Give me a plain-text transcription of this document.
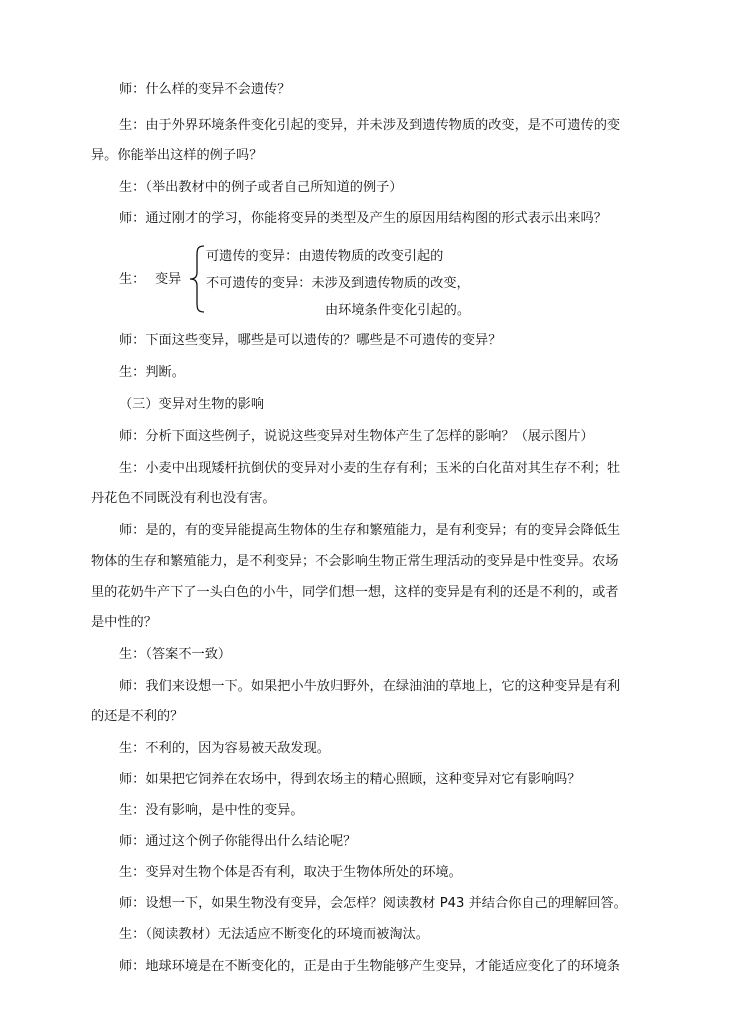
师：什么样的变异不会遗传？
生：由于外界环境条件变化引起的变异，并未涉及到遗传物质的改变，是不可遗传的变
异。你能举出这样的例子吗？
生：（举出教材中的例子或者自己所知道的例子）
师：通过刚才的学习，你能将变异的类型及产生的原因用结构图的形式表示出来吗？
生： 变异
可遗传的变异：由遗传物质的改变引起的
不可遗传的变异：未涉及到遗传物质的改变，
由环境条件变化引起的。
师：下面这些变异，哪些是可以遗传的？哪些是不可遗传的变异？
生：判断。
（三）变异对生物的影响
师：分析下面这些例子，说说这些变异对生物体产生了怎样的影响？（展示图片）
生：小麦中出现矮杆抗倒伏的变异对小麦的生存有利；玉米的白化苗对其生存不利；牡
丹花色不同既没有利也没有害。
师：是的，有的变异能提高生物体的生存和繁殖能力，是有利变异；有的变异会降低生
物体的生存和繁殖能力，是不利变异；不会影响生物正常生理活动的变异是中性变异。农场
里的花奶牛产下了一头白色的小牛，同学们想一想，这样的变异是有利的还是不利的，或者
是中性的？
生：（答案不一致）
师：我们来设想一下。如果把小牛放归野外，在绿油油的草地上，它的这种变异是有利
的还是不利的？
生：不利的，因为容易被天敌发现。
师：如果把它饲养在农场中，得到农场主的精心照顾，这种变异对它有影响吗？
生：没有影响，是中性的变异。
师：通过这个例子你能得出什么结论呢？
生：变异对生物个体是否有利，取决于生物体所处的环境。
师：设想一下，如果生物没有变异，会怎样？阅读教材 P43 并结合你自己的理解回答。
生：（阅读教材）无法适应不断变化的环境而被淘汰。
师：地球环境是在不断变化的，正是由于生物能够产生变异，才能适应变化了的环境条
